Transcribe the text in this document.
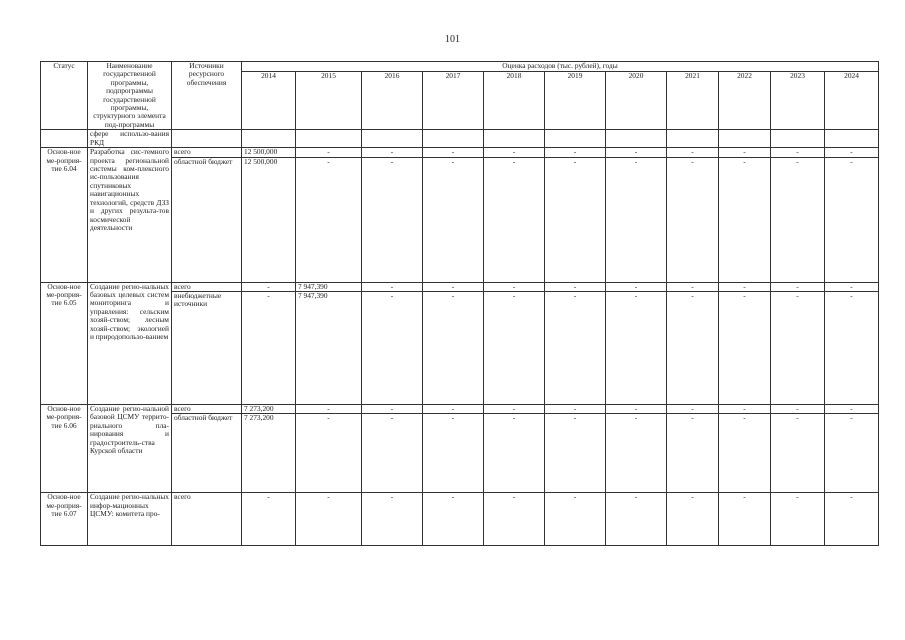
101
Статус	Наименование государственной программы, подпрограммы государственной программы, структурного элемента под-программы	Источники ресурсного обеспечения	Оценка расходов (тыс. рублей), годы										
			2014	2015	2016	2017	2018	2019	2020	2021	2022	2023	2024
	сфере использо-вания РКД												
Основ-ное ме-роприя-тие 6.04	Разработка сис-темного проекта региональной системы ком-плексного ис-пользования спутниковых навигационных технологий, средств ДЗЗ и других результа-тов космической деятельности	всего	12 500,000	-	-	-	-	-	-	-	-	-	-
		областной бюджет	12 500,000	-	-	-	-	-	-	-	-	-	-
Основ-ное ме-роприя-тие 6.05	Создание регио-нальных базовых целевых систем мониторинга и управления: сельским хозяй-ством; лесным хозяй-ством; экологией и природопользо-ванием	всего	-	7 947,390	-	-	-	-	-	-	-	-	-
		внебюджетные источники	-	7 947,390	-	-	-	-	-	-	-	-	-
Основ-ное ме-роприя-тие 6.06	Создание регио-нальной базовой ЦСМУ террито-риального пла-нирования и градостроитель-ства Курской области	всего	7 273,200	-	-	-	-	-	-	-	-	-	-
		областной бюджет	7 273,200	-	-	-	-	-	-	-	-	-	-
Основ-ное ме-роприя-тие 6.07	Создание регио-нальных инфор-мационных ЦСМУ: комитета про-	всего	-	-	-	-	-	-	-	-	-	-	-
